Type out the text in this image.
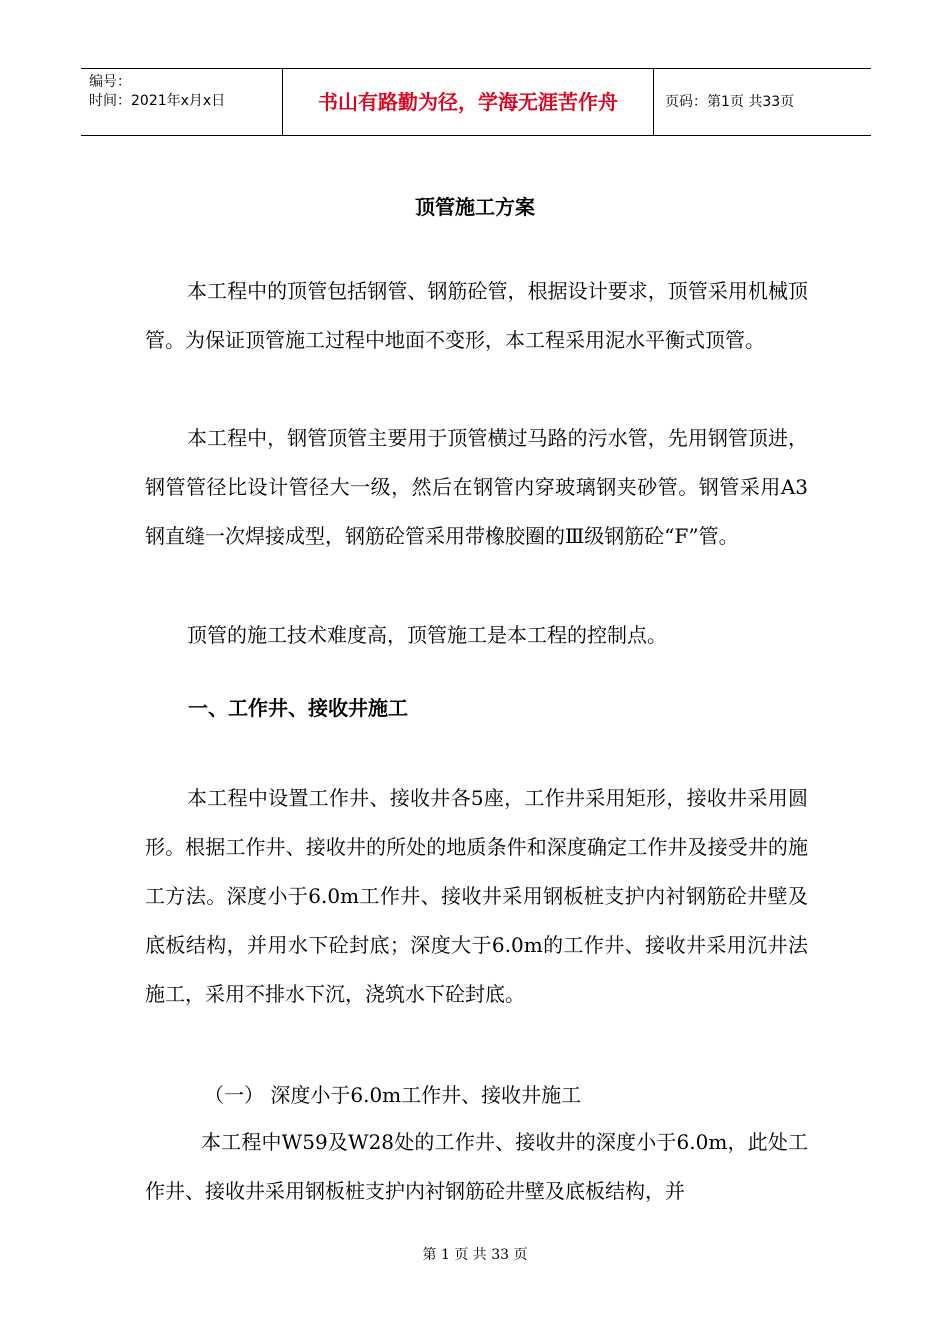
编号：
时间：2021年x月x日	书山有路勤为径，学海无涯苦作舟	页码：第1页 共33页
顶管施工方案

本工程中的顶管包括钢管、钢筋砼管，根据设计要求，顶管采用机械顶管。为保证顶管施工过程中地面不变形，本工程采用泥水平衡式顶管。

本工程中，钢管顶管主要用于顶管横过马路的污水管，先用钢管顶进，钢管管径比设计管径大一级，然后在钢管内穿玻璃钢夹砂管。钢管采用A3钢直缝一次焊接成型，钢筋砼管采用带橡胶圈的Ⅲ级钢筋砼“F”管。

顶管的施工技术难度高，顶管施工是本工程的控制点。

一、工作井、接收井施工

本工程中设置工作井、接收井各5座，工作井采用矩形，接收井采用圆形。根据工作井、接收井的所处的地质条件和深度确定工作井及接受井的施工方法。深度小于6.0m工作井、接收井采用钢板桩支护内衬钢筋砼井壁及底板结构，并用水下砼封底；深度大于6.0m的工作井、接收井采用沉井法施工，采用不排水下沉，浇筑水下砼封底。

（一） 深度小于6.0m工作井、接收井施工

本工程中W59及W28处的工作井、接收井的深度小于6.0m，此处工作井、接收井采用钢板桩支护内衬钢筋砼井壁及底板结构，并

第 1 页 共 33 页
